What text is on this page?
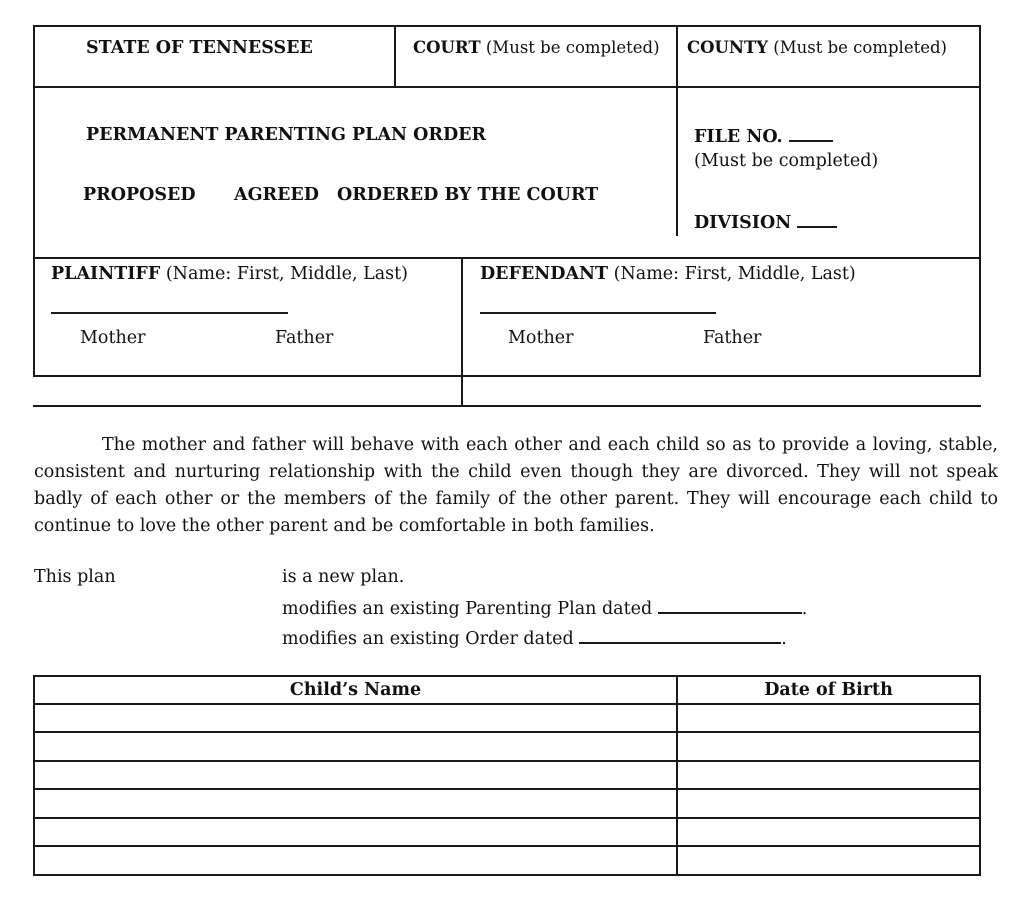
STATE OF TENNESSEE	COURT (Must be completed) COUNTY (Must be completed)
PERMANENT PARENTING PLAN ORDER
PROPOSED AGREED ORDERED BY THE COURT
FILE NO.
(Must be completed)
DIVISION
PLAINTIFF (Name: First, Middle, Last)
Mother	Father
DEFENDANT (Name: First, Middle, Last)
Mother	Father
The mother and father will behave with each other and each child so as to provide a loving, stable, consistent and nurturing relationship with the child even though they are divorced. They will not speak badly of each other or the members of the family of the other parent. They will encourage each child to continue to love the other parent and be comfortable in both families.
This plan	is a new plan.
modifies an existing Parenting Plan dated	.
modifies an existing Order dated	.
Child’s Name	Date of Birth
